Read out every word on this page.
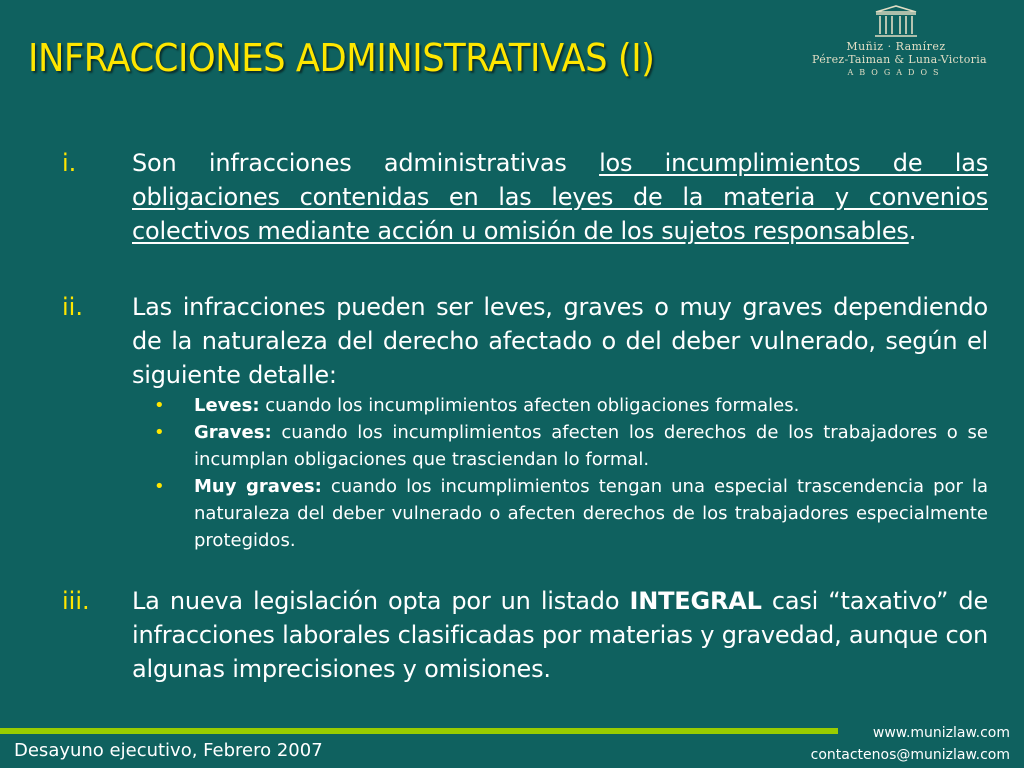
INFRACCIONES ADMINISTRATIVAS (I)	Muñiz · Ramírez
Pérez-Taiman & Luna-Victoria
ABOGADOS
i. Son infracciones administrativas los incumplimientos de las obligaciones contenidas en las leyes de la materia y convenios colectivos mediante acción u omisión de los sujetos responsables.
ii. Las infracciones pueden ser leves, graves o muy graves dependiendo de la naturaleza del derecho afectado o del deber vulnerado, según el siguiente detalle:
• Leves: cuando los incumplimientos afecten obligaciones formales.
• Graves: cuando los incumplimientos afecten los derechos de los trabajadores o se incumplan obligaciones que trasciendan lo formal.
• Muy graves: cuando los incumplimientos tengan una especial trascendencia por la naturaleza del deber vulnerado o afecten derechos de los trabajadores especialmente protegidos.
iii. La nueva legislación opta por un listado INTEGRAL casi “taxativo” de infracciones laborales clasificadas por materias y gravedad, aunque con algunas imprecisiones y omisiones.
Desayuno ejecutivo, Febrero 2007
www.munizlaw.com
contactenos@munizlaw.com
